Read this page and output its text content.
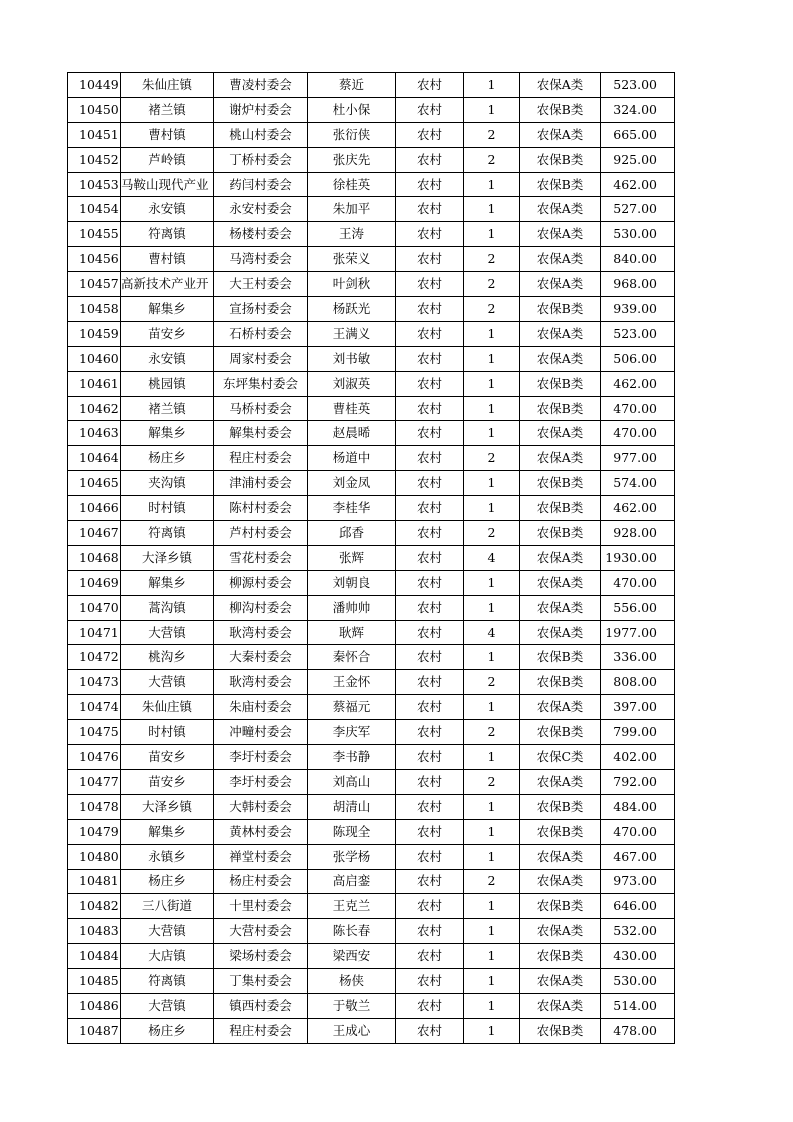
10449	朱仙庄镇	曹凌村委会	蔡近	农村	1	农保A类	523.00
10450	褚兰镇	谢炉村委会	杜小保	农村	1	农保B类	324.00
10451	曹村镇	桃山村委会	张衍侠	农村	2	农保A类	665.00
10452	芦岭镇	丁桥村委会	张庆先	农村	2	农保B类	925.00
10453	马鞍山现代产业	药闫村委会	徐桂英	农村	1	农保B类	462.00
10454	永安镇	永安村委会	朱加平	农村	1	农保A类	527.00
10455	符离镇	杨楼村委会	王涛	农村	1	农保A类	530.00
10456	曹村镇	马湾村委会	张荣义	农村	2	农保A类	840.00
10457	高新技术产业开	大王村委会	叶剑秋	农村	2	农保A类	968.00
10458	解集乡	宣扬村委会	杨跃光	农村	2	农保B类	939.00
10459	苗安乡	石桥村委会	王满义	农村	1	农保A类	523.00
10460	永安镇	周家村委会	刘书敏	农村	1	农保A类	506.00
10461	桃园镇	东坪集村委会	刘淑英	农村	1	农保B类	462.00
10462	褚兰镇	马桥村委会	曹桂英	农村	1	农保B类	470.00
10463	解集乡	解集村委会	赵晨晞	农村	1	农保A类	470.00
10464	杨庄乡	程庄村委会	杨道中	农村	2	农保A类	977.00
10465	夹沟镇	津浦村委会	刘金凤	农村	1	农保B类	574.00
10466	时村镇	陈村村委会	李桂华	农村	1	农保B类	462.00
10467	符离镇	芦村村委会	邱香	农村	2	农保B类	928.00
10468	大泽乡镇	雪花村委会	张辉	农村	4	农保A类	1930.00
10469	解集乡	柳源村委会	刘朝良	农村	1	农保A类	470.00
10470	蒿沟镇	柳沟村委会	潘帅帅	农村	1	农保A类	556.00
10471	大营镇	耿湾村委会	耿辉	农村	4	农保A类	1977.00
10472	桃沟乡	大秦村委会	秦怀合	农村	1	农保B类	336.00
10473	大营镇	耿湾村委会	王金怀	农村	2	农保B类	808.00
10474	朱仙庄镇	朱庙村委会	蔡福元	农村	1	农保A类	397.00
10475	时村镇	冲疃村委会	李庆军	农村	2	农保B类	799.00
10476	苗安乡	李圩村委会	李书静	农村	1	农保C类	402.00
10477	苗安乡	李圩村委会	刘高山	农村	2	农保A类	792.00
10478	大泽乡镇	大韩村委会	胡清山	农村	1	农保B类	484.00
10479	解集乡	黄林村委会	陈现全	农村	1	农保B类	470.00
10480	永镇乡	禅堂村委会	张学杨	农村	1	农保A类	467.00
10481	杨庄乡	杨庄村委会	高启銮	农村	2	农保A类	973.00
10482	三八街道	十里村委会	王克兰	农村	1	农保B类	646.00
10483	大营镇	大营村委会	陈长春	农村	1	农保A类	532.00
10484	大店镇	梁场村委会	梁西安	农村	1	农保B类	430.00
10485	符离镇	丁集村委会	杨侠	农村	1	农保A类	530.00
10486	大营镇	镇西村委会	于敬兰	农村	1	农保A类	514.00
10487	杨庄乡	程庄村委会	王成心	农村	1	农保B类	478.00
